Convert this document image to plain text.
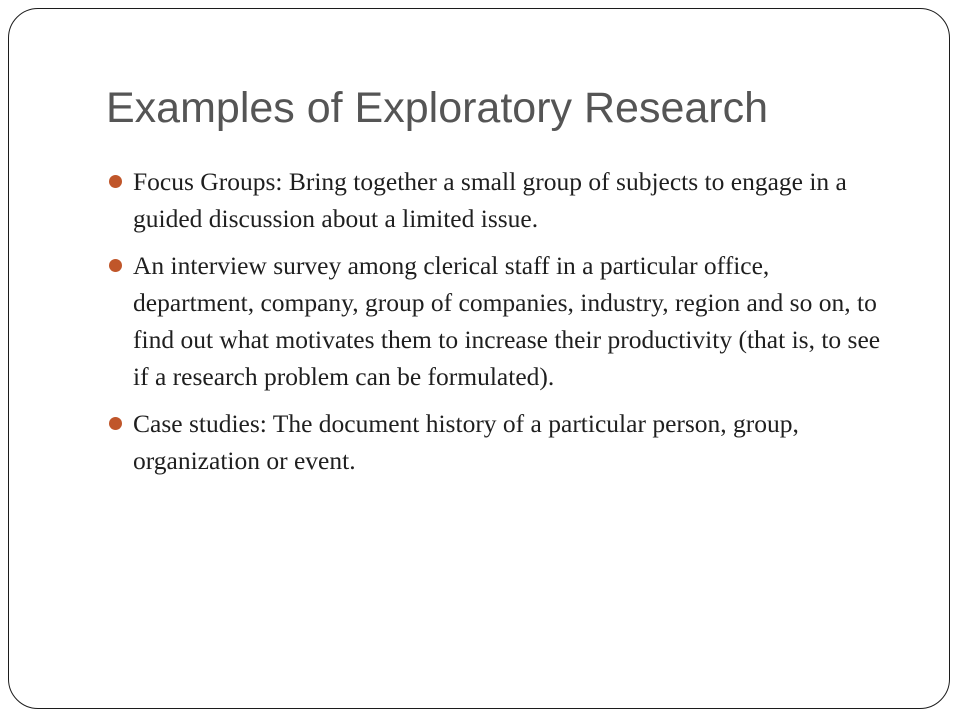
Examples of Exploratory Research
Focus Groups: Bring together a small group of subjects to engage in a guided discussion about a limited issue.
An interview survey among clerical staff in a particular office, department, company, group of companies, industry, region and so on, to find out what motivates them to increase their productivity (that is, to see if a research problem can be formulated).
Case studies: The document history of a particular person, group, organization or event.
